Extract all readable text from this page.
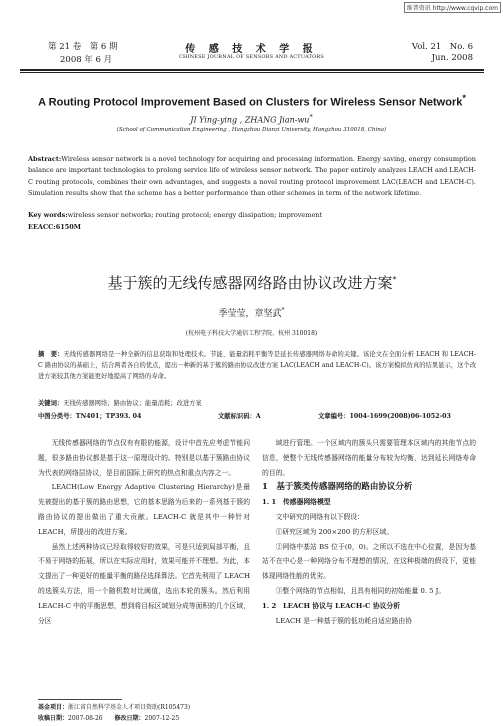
维普资讯 http://www.cqvip.com
第 21 卷　第 6 期
2008 年 6 月
传 感 技 术 学 报
CHINESE JOURNAL OF SENSORS AND ACTUATORS
Vol. 21　No. 6
Jun. 2008
A Routing Protocol Improvement Based on Clusters for Wireless Sensor Network*
JI Ying-ying , ZHANG Jian-wu*
(School of Communication Engineering , Hangzhou Dianzi University, Hangzhou 310018, China)
Abstract:Wireless sensor network is a novel technology for acquiring and processing information. Energy saving, energy consumption balance are important technologies to prolong service life of wireless sensor network. The paper entirely analyzes LEACH and LEACH-C routing protocols, combines their own advantages, and suggests a novel routing protocol improvement LAC(LEACH and LEACH-C). Simulation results show that the scheme has a better performance than other schemes in term of the network lifetime.
Key words:wireless sensor networks; routing protocol; energy dissipation; improvement
EEACC:6150M
基于簇的无线传感器网络路由协议改进方案*
季莹莹，章坚武*
(杭州电子科技大学通信工程学院，杭州 310018)
摘　要：无线传感器网络是一种全新的信息获取和处理技术。节能、能量消耗平衡等是延长传感器网络寿命的关键。该论文在全面分析 LEACH 和 LEACH-C 路由协议的基础上，结合两者各自的优点，提出一种新的基于簇的路由协议改进方案 LAC(LEACH and LEACH-C)。该方案模拟仿真的结果显示，这个改进方案较其他方案能更好地提高了网络的寿命。
关键词：无线传感器网络；路由协议；能量消耗；改进方案
中图分类号：TN401；TP393. 04	文献标识码：A	文章编号：1004-1699(2008)06-1052-03

无线传感器网络的节点仅有有限的能源，设计中首先应考虑节能问题，很多路由协议都是基于这一原理设计的。特别是以基于簇路由协议为代表的网络层协议，是目前国际上研究的热点和重点内容之一。

LEACH(Low Energy Adaptive Clustering Hierarchy)是最先被提出的基于簇的路由思想，它的基本思路为后来的一系列基于簇的路由协议的提出做出了重大贡献。LEACH-C 就是其中一种针对 LEACH，所提出的改进方案。

虽然上述两种协议已经取得较好的效果，可是只适到局部平衡，且不易于网络的拓展，所以在实际应用时，效果可能并不理想。为此，本文提出了一种更好的能量平衡的路径选择算法。它首先利用了 LEACH 的选簇头方法，用一个随机数对比阈值，选出本轮的簇头。然后利用 LEACH-C 中的平衡思想，想到将目标区域划分成等面积的几个区域，分区

域进行管理。一个区域内的簇头只需要管理本区域内的其他节点的信息，使整个无线传感器网络的能量分布较为均衡，达到延长网络寿命的目的。

1　基于簇类传感器网络的路由协议分析

1. 1　传感器网络模型

文中研究的网络有以下假设：

①研究区域为 200×200 的方形区域。

②网络中基站 BS 位于(0，0)。之所以不选在中心位置，是因为基站不在中心是一种网络分布不理想的情况，在这种极端的假设下，更能体现网络性能的优劣。

③整个网络的节点相似，且具有相同的初始能量 0. 5 J。

1. 2　LEACH 协议与 LEACH-C 协议分析

LEACH 是一种基于簇的低功耗自适应路由协

基金项目：浙江省自然科学基金人才项目资助(R105473)
收稿日期：2007-08-26 修改日期：2007-12-25
